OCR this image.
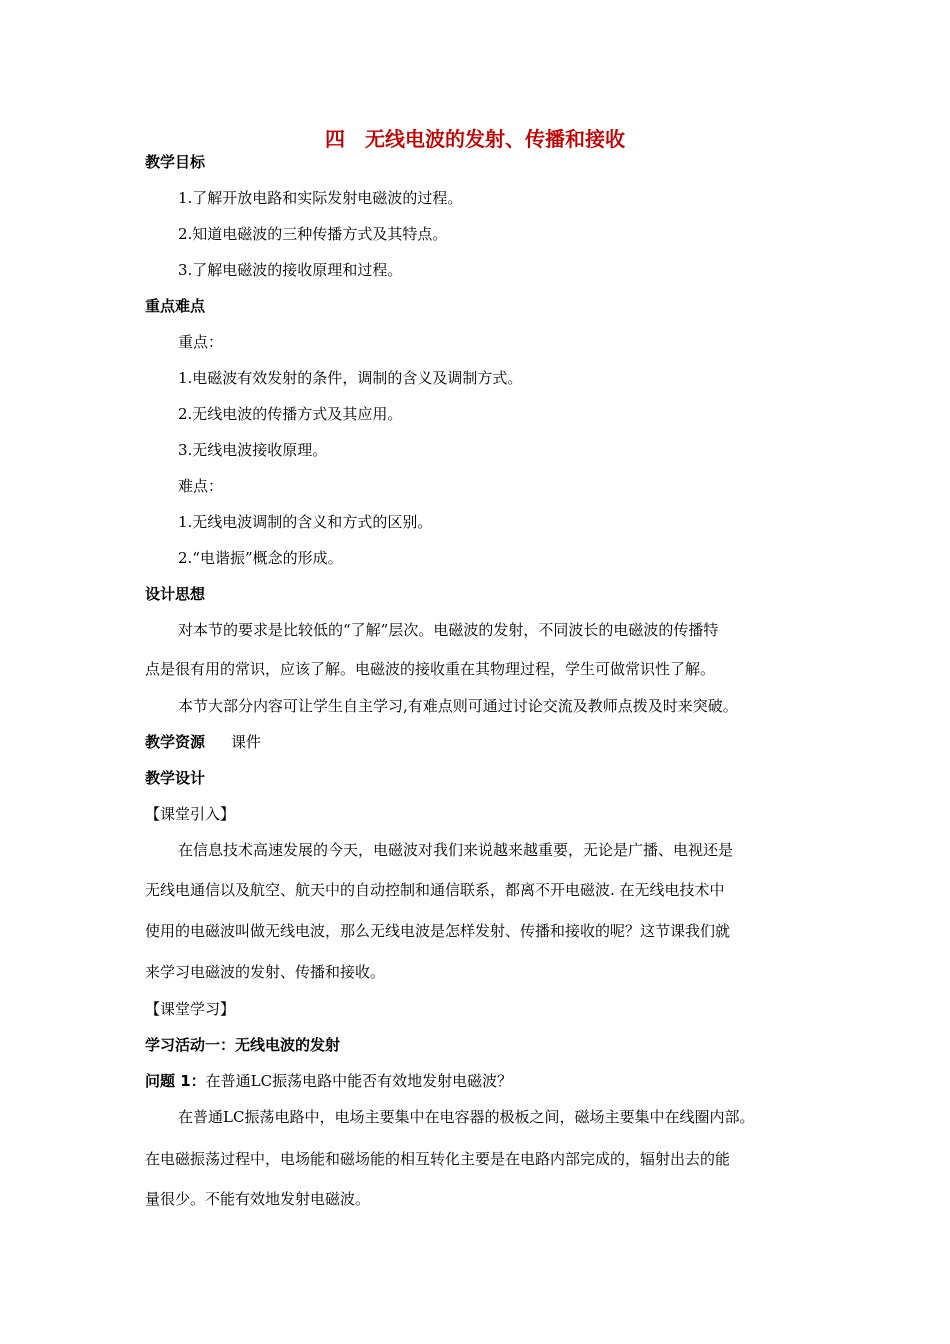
四　无线电波的发射、传播和接收
教学目标
1.了解开放电路和实际发射电磁波的过程。
2.知道电磁波的三种传播方式及其特点。
3.了解电磁波的接收原理和过程。
重点难点
重点：
1.电磁波有效发射的条件，调制的含义及调制方式。
2.无线电波的传播方式及其应用。
3.无线电波接收原理。
难点：
1.无线电波调制的含义和方式的区别。
2.“电谐振”概念的形成。
设计思想
对本节的要求是比较低的“了解”层次。电磁波的发射，不同波长的电磁波的传播特
点是很有用的常识，应该了解。电磁波的接收重在其物理过程，学生可做常识性了解。
本节大部分内容可让学生自主学习,有难点则可通过讨论交流及教师点拨及时来突破。
教学资源 课件
教学设计
【课堂引入】
在信息技术高速发展的今天，电磁波对我们来说越来越重要，无论是广播、电视还是
无线电通信以及航空、航天中的自动控制和通信联系，都离不开电磁波. 在无线电技术中
使用的电磁波叫做无线电波，那么无线电波是怎样发射、传播和接收的呢？这节课我们就
来学习电磁波的发射、传播和接收。
【课堂学习】
学习活动一：无线电波的发射
问题 1：在普通LC振荡电路中能否有效地发射电磁波？
在普通LC振荡电路中，电场主要集中在电容器的极板之间，磁场主要集中在线圈内部。
在电磁振荡过程中，电场能和磁场能的相互转化主要是在电路内部完成的，辐射出去的能
量很少。不能有效地发射电磁波。
